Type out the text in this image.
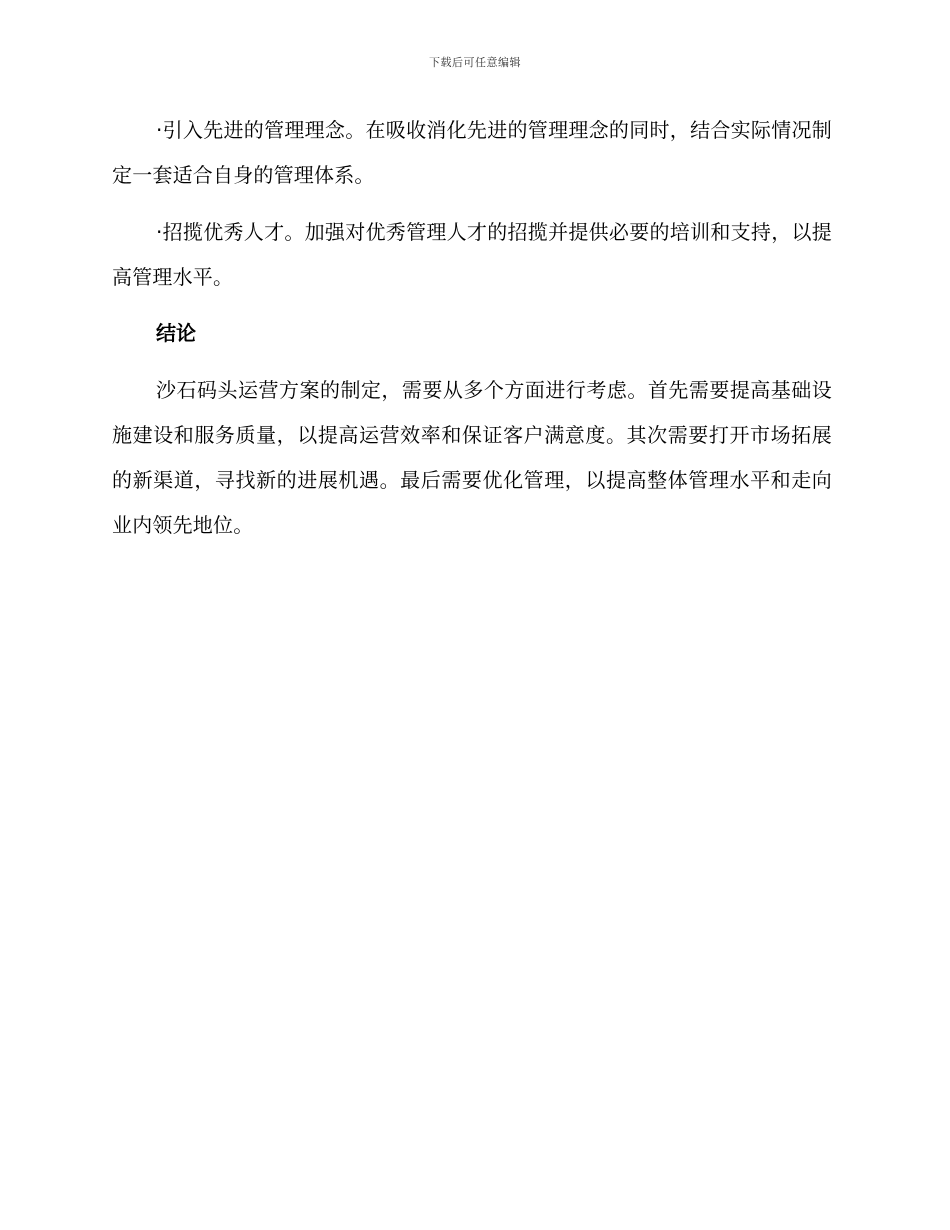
下载后可任意编辑

·引入先进的管理理念。在吸收消化先进的管理理念的同时，结合实际情况制定一套适合自身的管理体系。

·招揽优秀人才。加强对优秀管理人才的招揽并提供必要的培训和支持，以提高管理水平。

结论

沙石码头运营方案的制定，需要从多个方面进行考虑。首先需要提高基础设施建设和服务质量，以提高运营效率和保证客户满意度。其次需要打开市场拓展的新渠道，寻找新的进展机遇。最后需要优化管理，以提高整体管理水平和走向业内领先地位。
